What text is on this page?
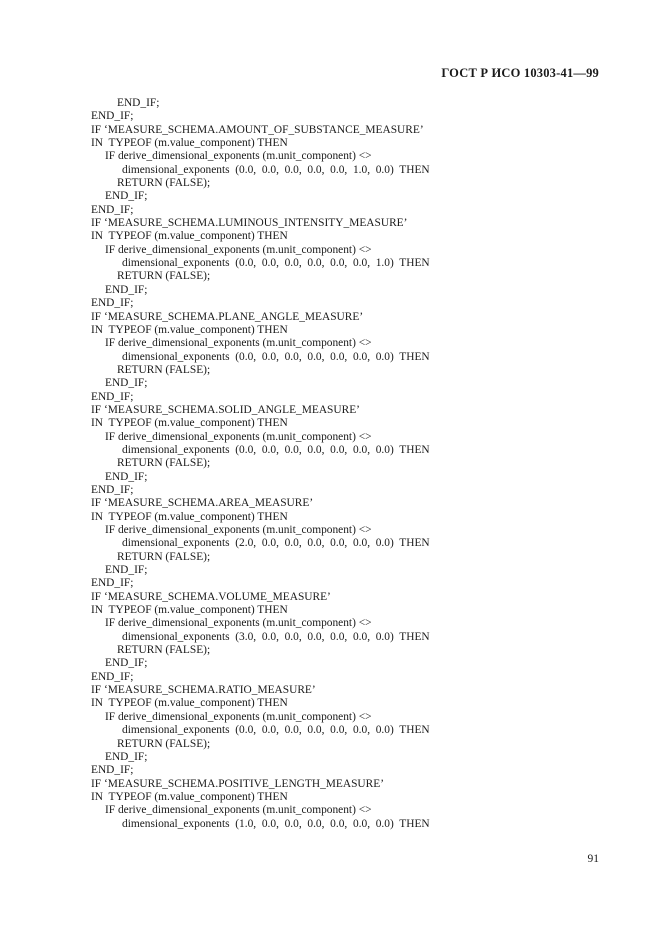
ГОСТ Р ИСО 10303-41—99
END_IF;
END_IF;
IF ‘MEASURE_SCHEMA.AMOUNT_OF_SUBSTANCE_MEASURE’
IN  TYPEOF (m.value_component) THEN
IF derive_dimensional_exponents (m.unit_component) <>
dimensional_exponents  (0.0,  0.0,  0.0,  0.0,  0.0,  1.0,  0.0)  THEN
RETURN (FALSE);
END_IF;
END_IF;
IF ‘MEASURE_SCHEMA.LUMINOUS_INTENSITY_MEASURE’
IN  TYPEOF (m.value_component) THEN
IF derive_dimensional_exponents (m.unit_component) <>
dimensional_exponents  (0.0,  0.0,  0.0,  0.0,  0.0,  0.0,  1.0)  THEN
RETURN (FALSE);
END_IF;
END_IF;
IF ‘MEASURE_SCHEMA.PLANE_ANGLE_MEASURE’
IN  TYPEOF (m.value_component) THEN
IF derive_dimensional_exponents (m.unit_component) <>
dimensional_exponents  (0.0,  0.0,  0.0,  0.0,  0.0,  0.0,  0.0)  THEN
RETURN (FALSE);
END_IF;
END_IF;
IF ‘MEASURE_SCHEMA.SOLID_ANGLE_MEASURE’
IN  TYPEOF (m.value_component) THEN
IF derive_dimensional_exponents (m.unit_component) <>
dimensional_exponents  (0.0,  0.0,  0.0,  0.0,  0.0,  0.0,  0.0)  THEN
RETURN (FALSE);
END_IF;
END_IF;
IF ‘MEASURE_SCHEMA.AREA_MEASURE’
IN  TYPEOF (m.value_component) THEN
IF derive_dimensional_exponents (m.unit_component) <>
dimensional_exponents  (2.0,  0.0,  0.0,  0.0,  0.0,  0.0,  0.0)  THEN
RETURN (FALSE);
END_IF;
END_IF;
IF ‘MEASURE_SCHEMA.VOLUME_MEASURE’
IN  TYPEOF (m.value_component) THEN
IF derive_dimensional_exponents (m.unit_component) <>
dimensional_exponents  (3.0,  0.0,  0.0,  0.0,  0.0,  0.0,  0.0)  THEN
RETURN (FALSE);
END_IF;
END_IF;
IF ‘MEASURE_SCHEMA.RATIO_MEASURE’
IN  TYPEOF (m.value_component) THEN
IF derive_dimensional_exponents (m.unit_component) <>
dimensional_exponents  (0.0,  0.0,  0.0,  0.0,  0.0,  0.0,  0.0)  THEN
RETURN (FALSE);
END_IF;
END_IF;
IF ‘MEASURE_SCHEMA.POSITIVE_LENGTH_MEASURE’
IN  TYPEOF (m.value_component) THEN
IF derive_dimensional_exponents (m.unit_component) <>
dimensional_exponents  (1.0,  0.0,  0.0,  0.0,  0.0,  0.0,  0.0)  THEN
91
